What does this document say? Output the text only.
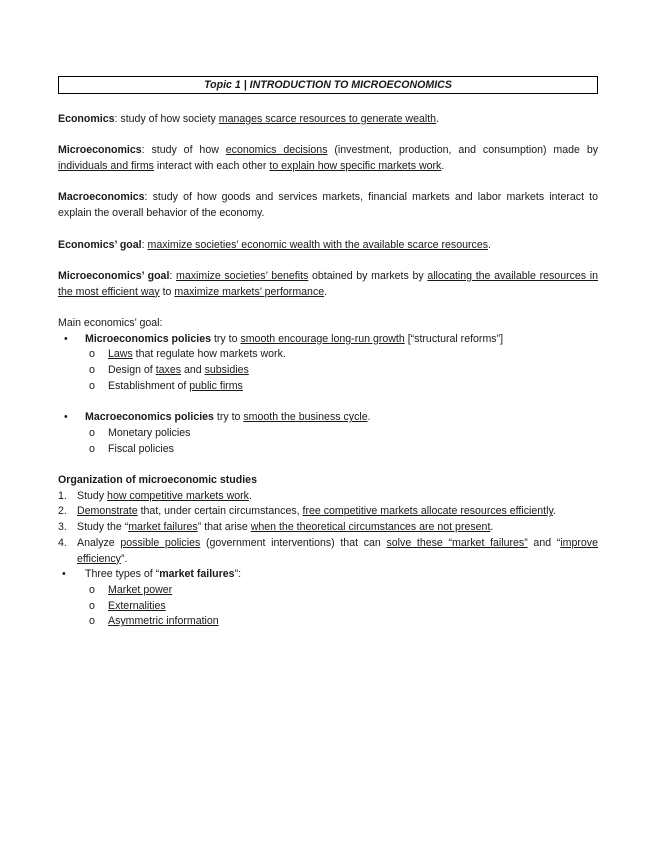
Topic 1 | INTRODUCTION TO MICROECONOMICS

Economics: study of how society manages scarce resources to generate wealth.

Microeconomics: study of how economics decisions (investment, production, and consumption) made by individuals and firms interact with each other to explain how specific markets work.

Macroeconomics: study of how goods and services markets, financial markets and labor markets interact to explain the overall behavior of the economy.

Economics’ goal: maximize societies’ economic wealth with the available scarce resources.

Microeconomics’ goal: maximize societies’ benefits obtained by markets by allocating the available resources in the most efficient way to maximize markets’ performance.

Main economics’ goal:
• Microeconomics policies try to smooth encourage long-run growth [“structural reforms”]
o Laws that regulate how markets work.
o Design of taxes and subsidies
o Establishment of public firms
• Macroeconomics policies try to smooth the business cycle.
o Monetary policies
o Fiscal policies
Organization of microeconomic studies
1. Study how competitive markets work.
2. Demonstrate that, under certain circumstances, free competitive markets allocate resources efficiently.
3. Study the “market failures” that arise when the theoretical circumstances are not present.
4. Analyze possible policies (government interventions) that can solve these “market failures” and “improve efficiency”.
• Three types of “market failures”:
o Market power
o Externalities
o Asymmetric information
